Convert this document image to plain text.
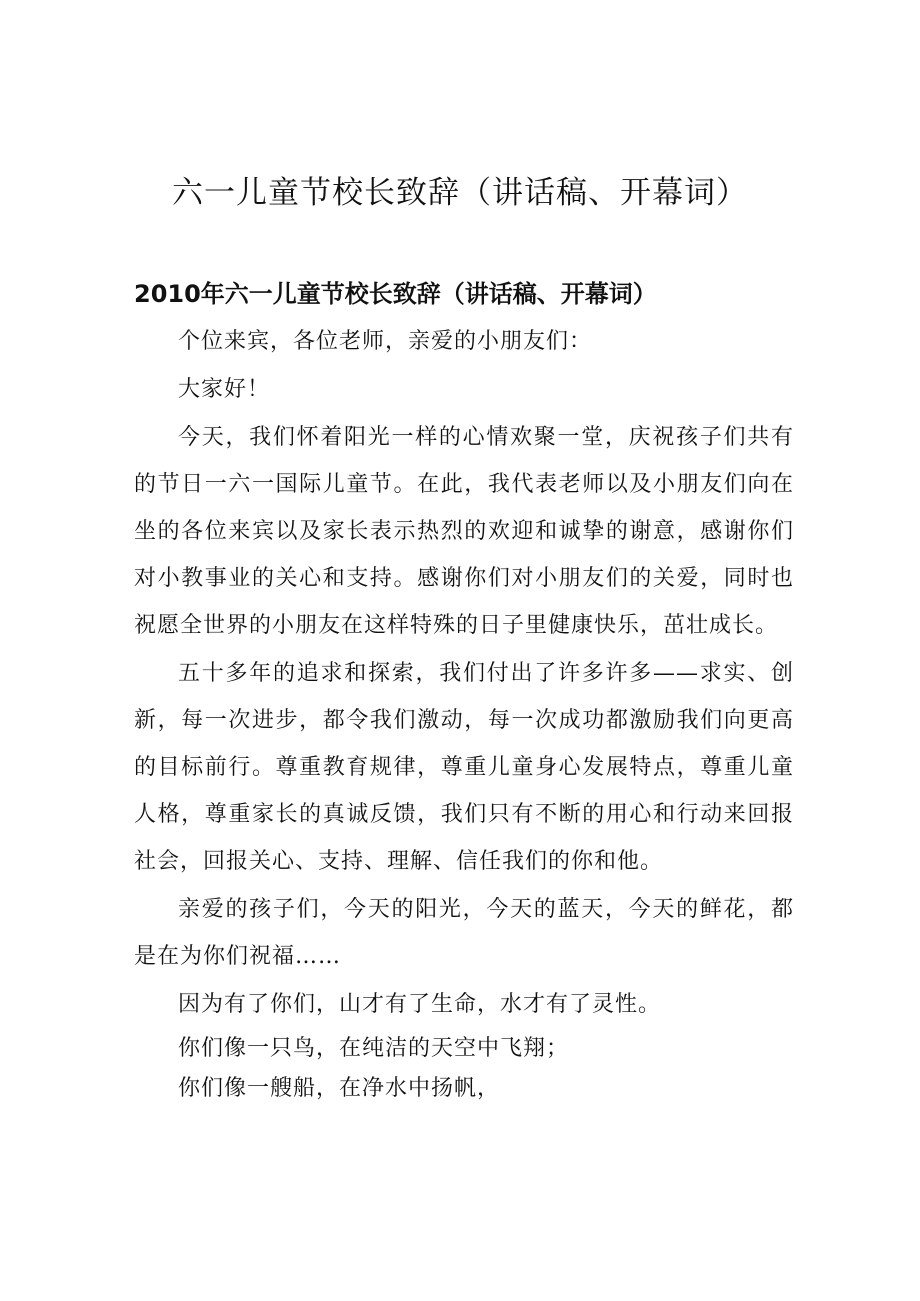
六一儿童节校长致辞（讲话稿、开幕词）
2010年六一儿童节校长致辞（讲话稿、开幕词）

个位来宾，各位老师，亲爱的小朋友们：

大家好！

今天，我们怀着阳光一样的心情欢聚一堂，庆祝孩子们共有的节日一六一国际儿童节。在此，我代表老师以及小朋友们向在坐的各位来宾以及家长表示热烈的欢迎和诚挚的谢意，感谢你们对小教事业的关心和支持。感谢你们对小朋友们的关爱，同时也祝愿全世界的小朋友在这样特殊的日子里健康快乐，茁壮成长。

五十多年的追求和探索，我们付出了许多许多——求实、创新，每一次进步，都令我们激动，每一次成功都激励我们向更高的目标前行。尊重教育规律，尊重儿童身心发展特点，尊重儿童人格，尊重家长的真诚反馈，我们只有不断的用心和行动来回报社会，回报关心、支持、理解、信任我们的你和他。

亲爱的孩子们，今天的阳光，今天的蓝天，今天的鲜花，都是在为你们祝福……

因为有了你们，山才有了生命，水才有了灵性。

你们像一只鸟，在纯洁的天空中飞翔；

你们像一艘船，在净水中扬帆，
